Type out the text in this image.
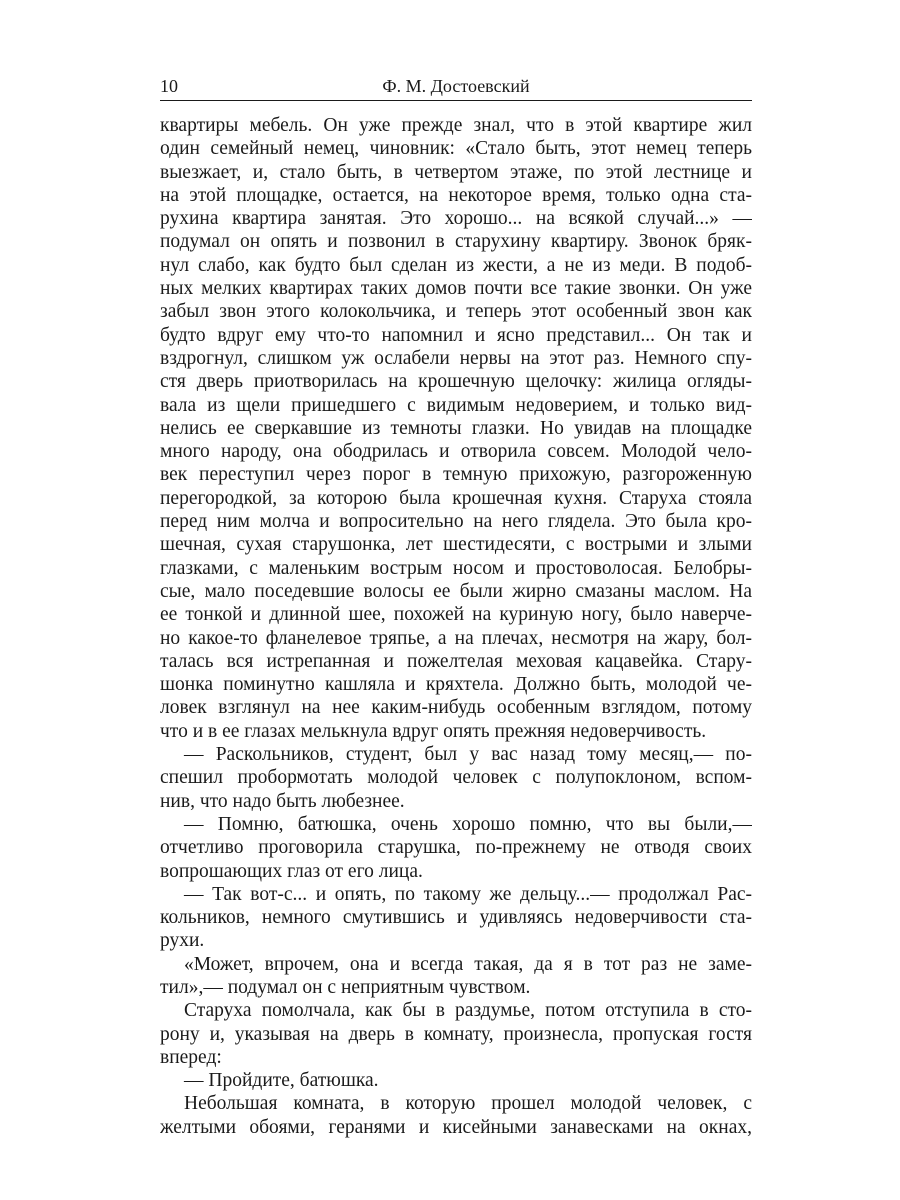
10	Ф. М. Достоевский
квартиры мебель. Он уже прежде знал, что в этой квартире жил
один семейный немец, чиновник: «Стало быть, этот немец теперь
выезжает, и, стало быть, в четвертом этаже, по этой лестнице и
на этой площадке, остается, на некоторое время, только одна ста-
рухина квартира занятая. Это хорошо... на всякой случай...» —
подумал он опять и позвонил в старухину квартиру. Звонок бряк-
нул слабо, как будто был сделан из жести, а не из меди. В подоб-
ных мелких квартирах таких домов почти все такие звонки. Он уже
забыл звон этого колокольчика, и теперь этот особенный звон как
будто вдруг ему что-то напомнил и ясно представил... Он так и
вздрогнул, слишком уж ослабели нервы на этот раз. Немного спу-
стя дверь приотворилась на крошечную щелочку: жилица огляды-
вала из щели пришедшего с видимым недоверием, и только вид-
нелись ее сверкавшие из темноты глазки. Но увидав на площадке
много народу, она ободрилась и отворила совсем. Молодой чело-
век переступил через порог в темную прихожую, разгороженную
перегородкой, за которою была крошечная кухня. Старуха стояла
перед ним молча и вопросительно на него глядела. Это была кро-
шечная, сухая старушонка, лет шестидесяти, с вострыми и злыми
глазками, с маленьким вострым носом и простоволосая. Белобры-
сые, мало поседевшие волосы ее были жирно смазаны маслом. На
ее тонкой и длинной шее, похожей на куриную ногу, было наверче-
но какое-то фланелевое тряпье, а на плечах, несмотря на жару, бол-
талась вся истрепанная и пожелтелая меховая кацавейка. Стару-
шонка поминутно кашляла и кряхтела. Должно быть, молодой че-
ловек взглянул на нее каким-нибудь особенным взглядом, потому
что и в ее глазах мелькнула вдруг опять прежняя недоверчивость.
— Раскольников, студент, был у вас назад тому месяц,— по-
спешил пробормотать молодой человек с полупоклоном, вспом-
нив, что надо быть любезнее.
— Помню, батюшка, очень хорошо помню, что вы были,—
отчетливо проговорила старушка, по-прежнему не отводя своих
вопрошающих глаз от его лица.
— Так вот-с... и опять, по такому же дельцу...— продолжал Рас-
кольников, немного смутившись и удивляясь недоверчивости ста-
рухи.
«Может, впрочем, она и всегда такая, да я в тот раз не заме-
тил»,— подумал он с неприятным чувством.
Старуха помолчала, как бы в раздумье, потом отступила в сто-
рону и, указывая на дверь в комнату, произнесла, пропуская гостя
вперед:
— Пройдите, батюшка.
Небольшая комната, в которую прошел молодой человек, с
желтыми обоями, геранями и кисейными занавесками на окнах,
